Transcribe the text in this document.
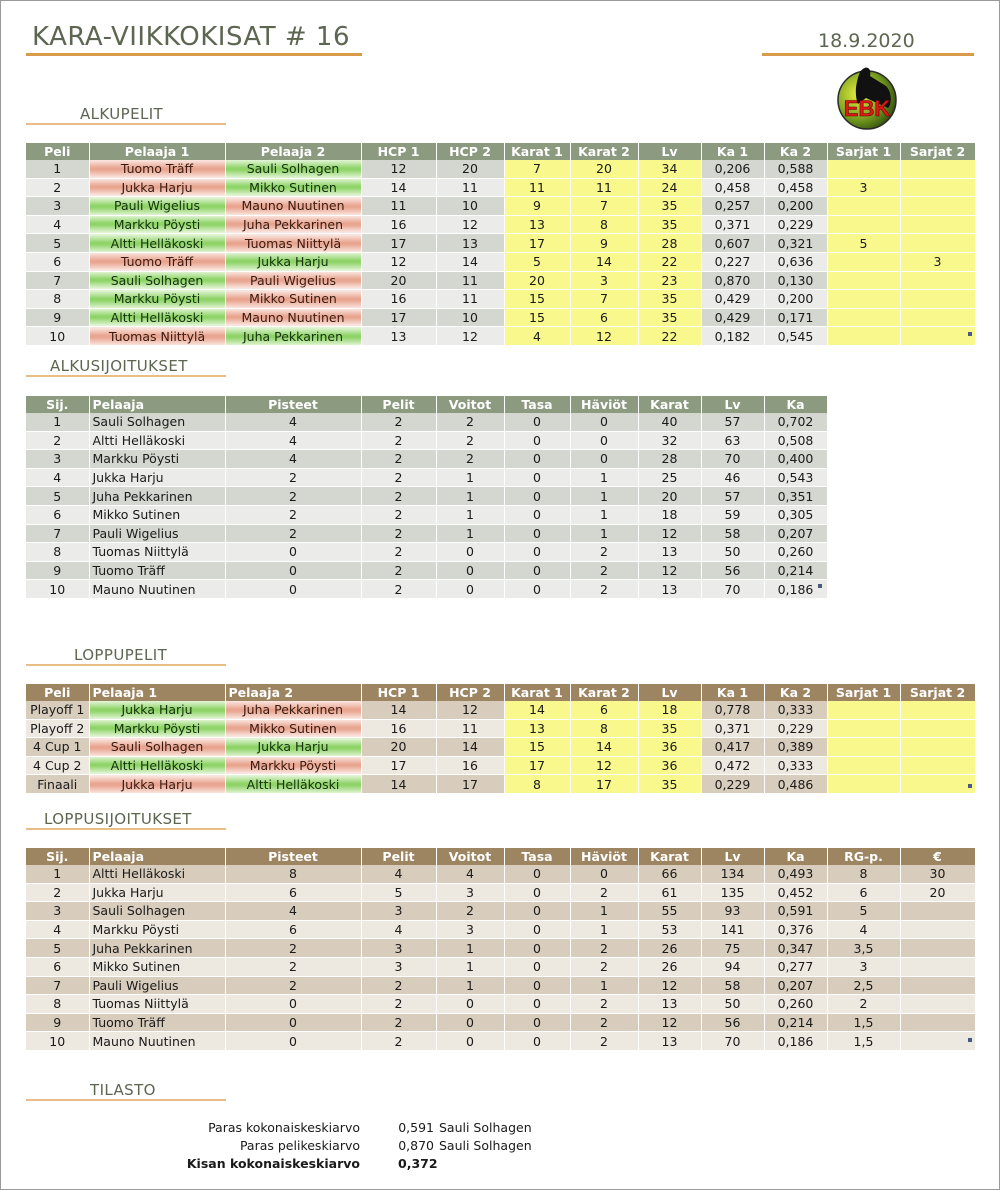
KARA-VIIKKOKISAT # 16	18.9.2020
EBK
ALKUPELIT
Peli	Pelaaja 1	Pelaaja 2	HCP 1	HCP 2	Karat 1	Karat 2	Lv	Ka 1	Ka 2	Sarjat 1	Sarjat 2
1	Tuomo Träff	Sauli Solhagen	12	20	7	20	34	0,206	0,588		
2	Jukka Harju	Mikko Sutinen	14	11	11	11	24	0,458	0,458	3	
3	Pauli Wigelius	Mauno Nuutinen	11	10	9	7	35	0,257	0,200		
4	Markku Pöysti	Juha Pekkarinen	16	12	13	8	35	0,371	0,229		
5	Altti Helläkoski	Tuomas Niittylä	17	13	17	9	28	0,607	0,321	5	
6	Tuomo Träff	Jukka Harju	12	14	5	14	22	0,227	0,636		3
7	Sauli Solhagen	Pauli Wigelius	20	11	20	3	23	0,870	0,130		
8	Markku Pöysti	Mikko Sutinen	16	11	15	7	35	0,429	0,200		
9	Altti Helläkoski	Mauno Nuutinen	17	10	15	6	35	0,429	0,171		
10	Tuomas Niittylä	Juha Pekkarinen	13	12	4	12	22	0,182	0,545		
ALKUSIJOITUKSET
Sij.	Pelaaja	Pisteet	Pelit	Voitot	Tasa	Häviöt	Karat	Lv	Ka
1	Sauli Solhagen	4	2	2	0	0	40	57	0,702
2	Altti Helläkoski	4	2	2	0	0	32	63	0,508
3	Markku Pöysti	4	2	2	0	0	28	70	0,400
4	Jukka Harju	2	2	1	0	1	25	46	0,543
5	Juha Pekkarinen	2	2	1	0	1	20	57	0,351
6	Mikko Sutinen	2	2	1	0	1	18	59	0,305
7	Pauli Wigelius	2	2	1	0	1	12	58	0,207
8	Tuomas Niittylä	0	2	0	0	2	13	50	0,260
9	Tuomo Träff	0	2	0	0	2	12	56	0,214
10	Mauno Nuutinen	0	2	0	0	2	13	70	0,186
LOPPUPELIT
Peli	Pelaaja 1	Pelaaja 2	HCP 1	HCP 2	Karat 1	Karat 2	Lv	Ka 1	Ka 2	Sarjat 1	Sarjat 2
Playoff 1	Jukka Harju	Juha Pekkarinen	14	12	14	6	18	0,778	0,333		
Playoff 2	Markku Pöysti	Mikko Sutinen	16	11	13	8	35	0,371	0,229		
4 Cup 1	Sauli Solhagen	Jukka Harju	20	14	15	14	36	0,417	0,389		
4 Cup 2	Altti Helläkoski	Markku Pöysti	17	16	17	12	36	0,472	0,333		
Finaali	Jukka Harju	Altti Helläkoski	14	17	8	17	35	0,229	0,486		
LOPPUSIJOITUKSET
Sij.	Pelaaja	Pisteet	Pelit	Voitot	Tasa	Häviöt	Karat	Lv	Ka	RG-p.	€
1	Altti Helläkoski	8	4	4	0	0	66	134	0,493	8	30
2	Jukka Harju	6	5	3	0	2	61	135	0,452	6	20
3	Sauli Solhagen	4	3	2	0	1	55	93	0,591	5	
4	Markku Pöysti	6	4	3	0	1	53	141	0,376	4	
5	Juha Pekkarinen	2	3	1	0	2	26	75	0,347	3,5	
6	Mikko Sutinen	2	3	1	0	2	26	94	0,277	3	
7	Pauli Wigelius	2	2	1	0	1	12	58	0,207	2,5	
8	Tuomas Niittylä	0	2	0	0	2	13	50	0,260	2	
9	Tuomo Träff	0	2	0	0	2	12	56	0,214	1,5	
10	Mauno Nuutinen	0	2	0	0	2	13	70	0,186	1,5	
TILASTO
Paras kokonaiskeskiarvo	0,591 Sauli Solhagen
Paras pelikeskiarvo	0,870 Sauli Solhagen
Kisan kokonaiskeskiarvo	0,372
